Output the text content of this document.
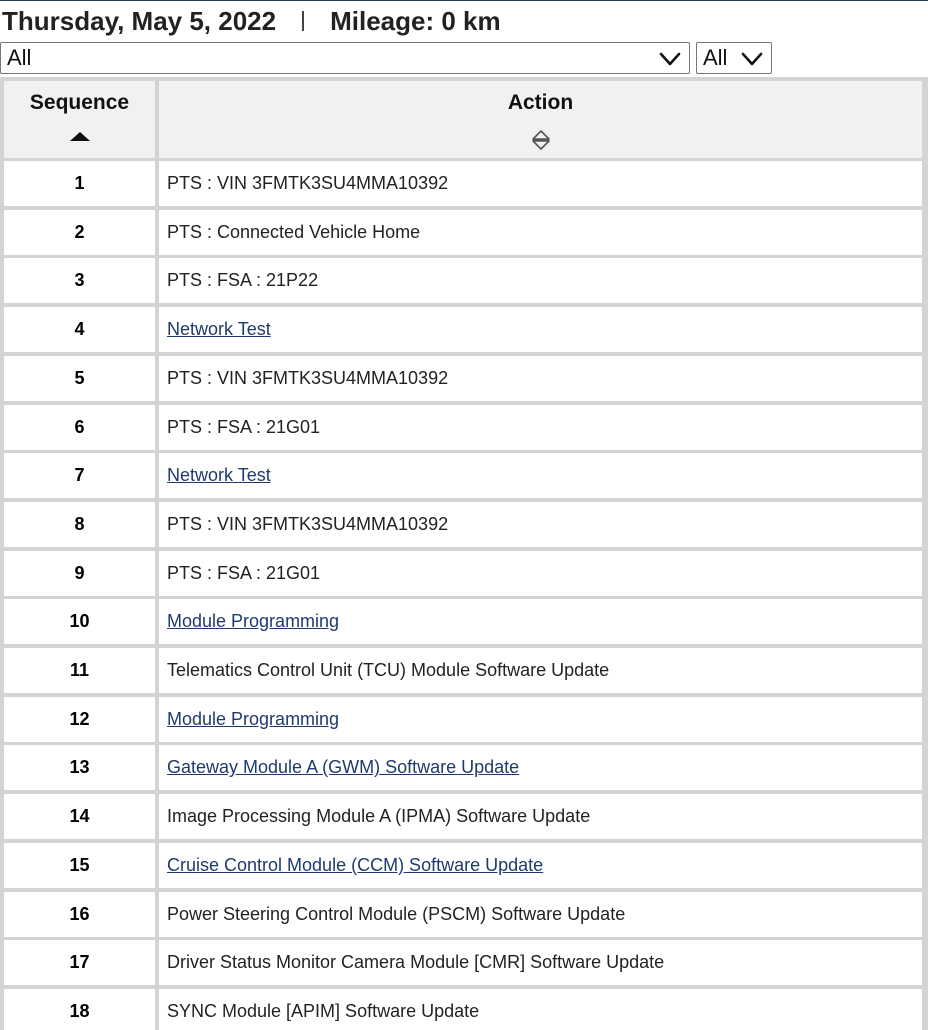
Thursday, May 5, 2022 Mileage: 0 km
All	All
Sequence	Action
1	PTS : VIN 3FMTK3SU4MMA10392
2	PTS : Connected Vehicle Home
3	PTS : FSA : 21P22
4	Network Test
5	PTS : VIN 3FMTK3SU4MMA10392
6	PTS : FSA : 21G01
7	Network Test
8	PTS : VIN 3FMTK3SU4MMA10392
9	PTS : FSA : 21G01
10	Module Programming
11	Telematics Control Unit (TCU) Module Software Update
12	Module Programming
13	Gateway Module A (GWM) Software Update
14	Image Processing Module A (IPMA) Software Update
15	Cruise Control Module (CCM) Software Update
16	Power Steering Control Module (PSCM) Software Update
17	Driver Status Monitor Camera Module [CMR] Software Update
18	SYNC Module [APIM] Software Update
